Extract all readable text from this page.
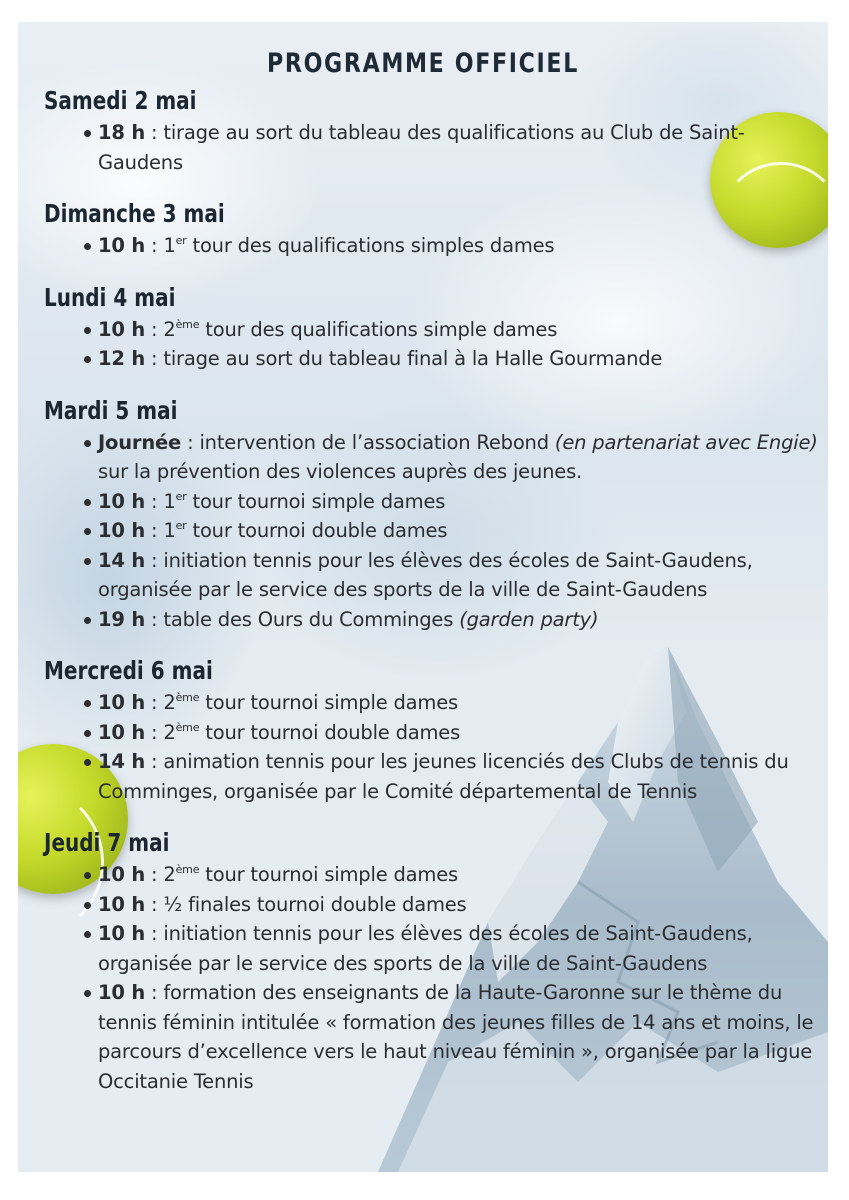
PROGRAMME OFFICIEL
Samedi 2 mai
18 h : tirage au sort du tableau des qualifications au Club de Saint-Gaudens
Dimanche 3 mai
10 h : 1er tour des qualifications simples dames
Lundi 4 mai
10 h : 2ème tour des qualifications simple dames
12 h : tirage au sort du tableau final à la Halle Gourmande
Mardi 5 mai
Journée : intervention de l’association Rebond (en partenariat avec Engie) sur la prévention des violences auprès des jeunes.
10 h : 1er tour tournoi simple dames
10 h : 1er tour tournoi double dames
14 h : initiation tennis pour les élèves des écoles de Saint-Gaudens, organisée par le service des sports de la ville de Saint-Gaudens
19 h : table des Ours du Comminges (garden party)
Mercredi 6 mai
10 h : 2ème tour tournoi simple dames
10 h : 2ème tour tournoi double dames
14 h : animation tennis pour les jeunes licenciés des Clubs de tennis du Comminges, organisée par le Comité départemental de Tennis
Jeudi 7 mai
10 h : 2ème tour tournoi simple dames
10 h : ½ finales tournoi double dames
10 h : initiation tennis pour les élèves des écoles de Saint-Gaudens, organisée par le service des sports de la ville de Saint-Gaudens
10 h : formation des enseignants de la Haute-Garonne sur le thème du tennis féminin intitulée « formation des jeunes filles de 14 ans et moins, le parcours d’excellence vers le haut niveau féminin », organisée par la ligue Occitanie Tennis
